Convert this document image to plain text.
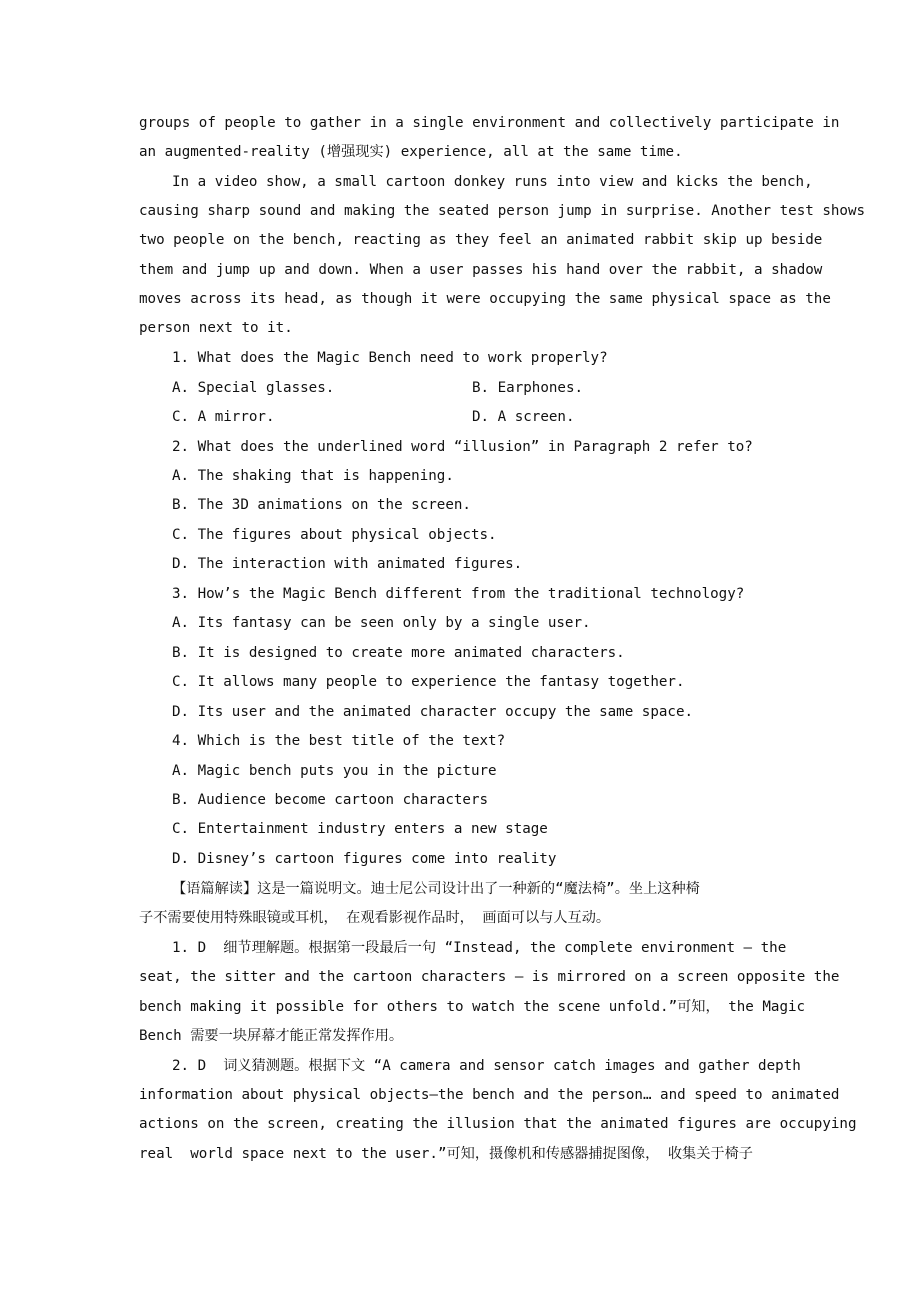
groups of people to gather in a single environment and collectively participate in
an augmented-reality (增强现实) experience, all at the same time.
In a video show, a small cartoon donkey runs into view and kicks the bench,
causing sharp sound and making the seated person jump in surprise. Another test shows
two people on the bench, reacting as they feel an animated rabbit skip up beside
them and jump up and down. When a user passes his hand over the rabbit, a shadow
moves across its head, as though it were occupying the same physical space as the
person next to it.
1. What does the Magic Bench need to work properly?
A. Special glasses.	B. Earphones.
C. A mirror.	D. A screen.
2. What does the underlined word “illusion” in Paragraph 2 refer to?
A. The shaking that is happening.
B. The 3D animations on the screen.
C. The figures about physical objects.
D. The interaction with animated figures.
3. How’s the Magic Bench different from the traditional technology?
A. Its fantasy can be seen only by a single user.
B. It is designed to create more animated characters.
C. It allows many people to experience the fantasy together.
D. Its user and the animated character occupy the same space.
4. Which is the best title of the text?
A. Magic bench puts you in the picture
B. Audience become cartoon characters
C. Entertainment industry enters a new stage
D. Disney’s cartoon figures come into reality
【语篇解读】这是一篇说明文。迪士尼公司设计出了一种新的“魔法椅”。坐上这种椅
子不需要使用特殊眼镜或耳机， 在观看影视作品时， 画面可以与人互动。
1. D  细节理解题。根据第一段最后一句 “Instead, the complete environment — the
seat, the sitter and the cartoon characters — is mirrored on a screen opposite the
bench making it possible for others to watch the scene unfold.”可知， the Magic
Bench 需要一块屏幕才能正常发挥作用。
2. D  词义猜测题。根据下文 “A camera and sensor catch images and gather depth
information about physical objects—the bench and the person… and speed to animated
actions on the screen, creating the illusion that the animated figures are occupying
real  world space next to the user.”可知，摄像机和传感器捕捉图像， 收集关于椅子
